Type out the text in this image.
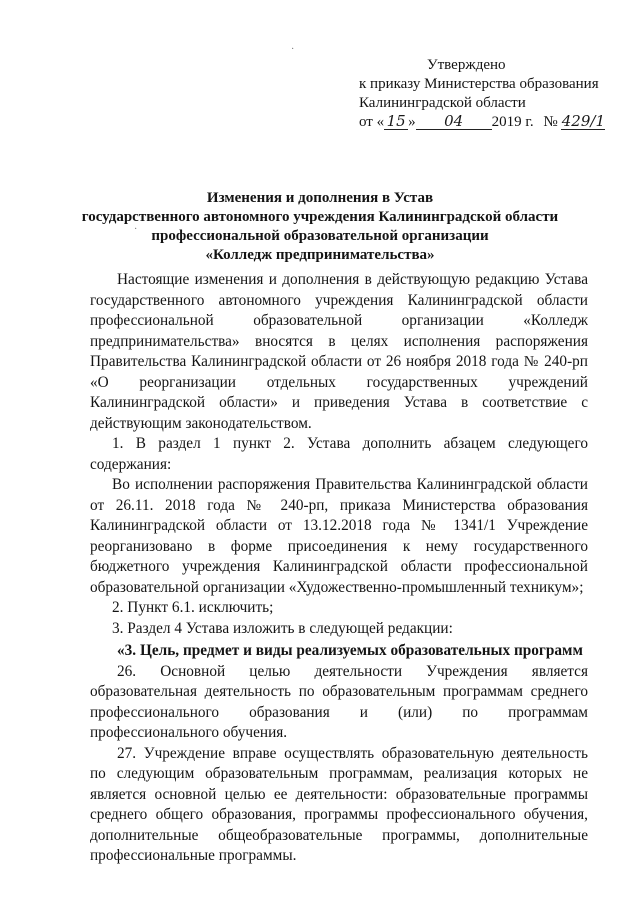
·
·
Утверждено
к приказу Министерства образования
Калининградской области
от « 15 » 04 2019 г. № 429/1
Изменения и дополнения в Устав
государственного автономного учреждения Калининградской области
профессиональной образовательной организации
«Колледж предпринимательства»

Настоящие изменения и дополнения в действующую редакцию Устава государственного автономного учреждения Калининградской области профессиональной образовательной организации «Колледж предпринимательства» вносятся в целях исполнения распоряжения Правительства Калининградской области от 26 ноября 2018 года № 240-рп «О реорганизации отдельных государственных учреждений Калининградской области» и приведения Устава в соответствие с действующим законодательством.

1. В раздел 1 пункт 2. Устава дополнить абзацем следующего содержания:

Во исполнении распоряжения Правительства Калининградской области от 26.11. 2018 года № 240-рп, приказа Министерства образования Калининградской области от 13.12.2018 года № 1341/1 Учреждение реорганизовано в форме присоединения к нему государственного бюджетного учреждения Калининградской области профессиональной образовательной организации «Художественно-промышленный техникум»;

2. Пункт 6.1. исключить;

3. Раздел 4 Устава изложить в следующей редакции:

«3. Цель, предмет и виды реализуемых образовательных программ

26. Основной целью деятельности Учреждения является образовательная деятельность по образовательным программам среднего профессионального образования и (или) по программам профессионального обучения.

27. Учреждение вправе осуществлять образовательную деятельность по следующим образовательным программам, реализация которых не является основной целью ее деятельности: образовательные программы среднего общего образования, программы профессионального обучения, дополнительные общеобразовательные программы, дополнительные профессиональные программы.
